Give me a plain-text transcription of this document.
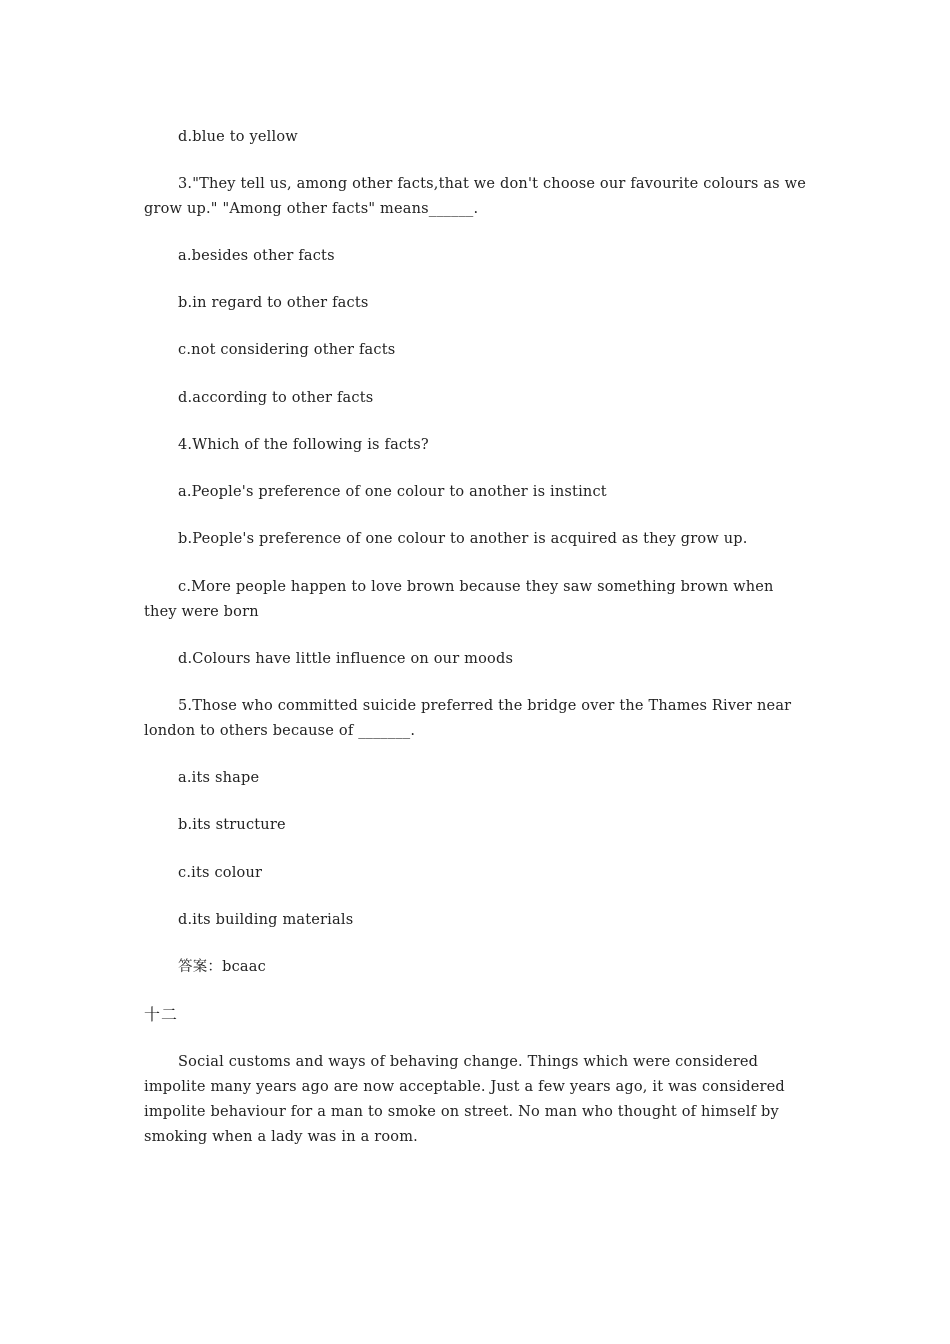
d.blue to yellow

3."They tell us, among other facts,that we don't choose our favourite colours as we grow up." "Among other facts" means______.

a.besides other facts

b.in regard to other facts

c.not considering other facts

d.according to other facts

4.Which of the following is facts?

a.People's preference of one colour to another is instinct

b.People's preference of one colour to another is acquired as they grow up.

c.More people happen to love brown because they saw something brown when they were born

d.Colours have little influence on our moods

5.Those who committed suicide preferred the bridge over the Thames River near london to others because of _______.

a.its shape

b.its structure

c.its colour

d.its building materials

答案：bcaac

十二

Social customs and ways of behaving change. Things which were considered impolite many years ago are now acceptable. Just a few years ago, it was considered impolite behaviour for a man to smoke on street. No man who thought of himself by smoking when a lady was in a room.
